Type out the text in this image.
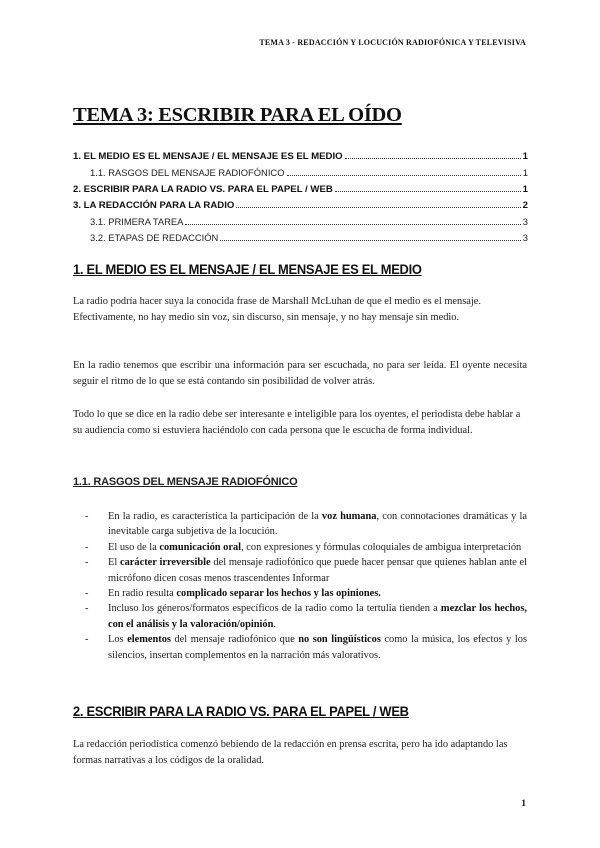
TEMA 3 - REDACCIÓN Y LOCUCIÓN RADIOFÓNICA Y TELEVISIVA
TEMA 3: ESCRIBIR PARA EL OÍDO
1. EL MEDIO ES EL MENSAJE / EL MENSAJE ES EL MEDIO	1
1.1. RASGOS DEL MENSAJE RADIOFÓNICO	1
2. ESCRIBIR PARA LA RADIO VS. PARA EL PAPEL / WEB	1
3. LA REDACCIÓN PARA LA RADIO	2
3.1. PRIMERA TAREA	3
3.2. ETAPAS DE REDACCIÓN	3
1. EL MEDIO ES EL MENSAJE / EL MENSAJE ES EL MEDIO

La radio podría hacer suya la conocida frase de Marshall McLuhan de que el medio es el mensaje. Efectivamente, no hay medio sin voz, sin discurso, sin mensaje, y no hay mensaje sin medio.

En la radio tenemos que escribir una información para ser escuchada, no para ser leída. El oyente necesita seguir el ritmo de lo que se está contando sin posibilidad de volver atrás.

Todo lo que se dice en la radio debe ser interesante e inteligible para los oyentes, el periodista debe hablar a su audiencia como si estuviera haciéndolo con cada persona que le escucha de forma individual.

1.1. RASGOS DEL MENSAJE RADIOFÓNICO
- En la radio, es característica la participación de la voz humana, con connotaciones dramáticas y la inevitable carga subjetiva de la locución.
- El uso de la comunicación oral, con expresiones y fórmulas coloquiales de ambigua interpretación
- El carácter irreversible del mensaje radiofónico que puede hacer pensar que quienes hablan ante el micrófono dicen cosas menos trascendentes Informar
- En radio resulta complicado separar los hechos y las opiniones.
- Incluso los géneros/formatos específicos de la radio como la tertulia tienden a mezclar los hechos, con el análisis y la valoración/opinión.
- Los elementos del mensaje radiofónico que no son lingüísticos como la música, los efectos y los silencios, insertan complementos en la narración más valorativos.
2. ESCRIBIR PARA LA RADIO VS. PARA EL PAPEL / WEB

La redacción periodística comenzó bebiendo de la redacción en prensa escrita, pero ha ido adaptando las formas narrativas a los códigos de la oralidad.

1
